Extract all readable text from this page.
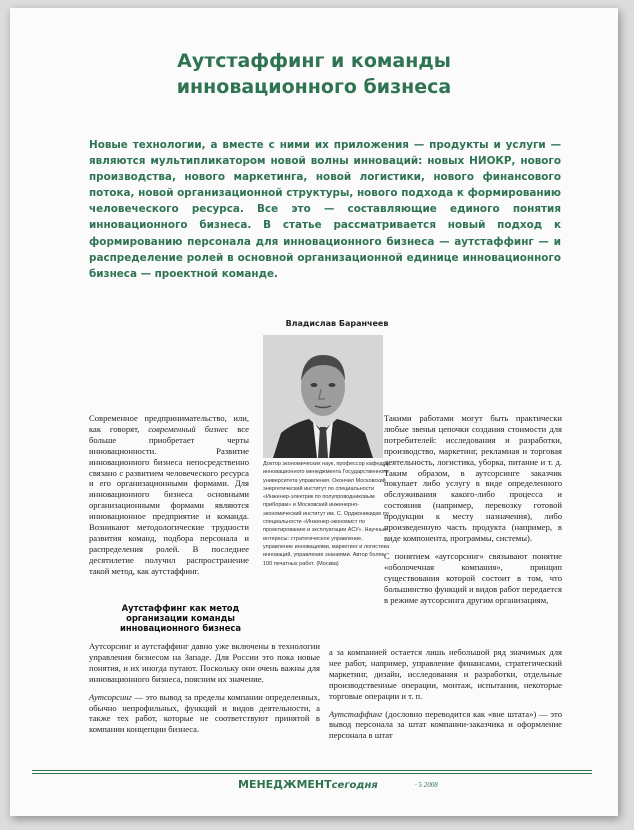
Аутстаффинг и команды
инновационного бизнеса

Новые технологии, а вместе с ними их приложения — продукты и услуги — являются мультипликатором новой волны инноваций: новых НИОКР, нового производства, нового маркетинга, новой логистики, нового финансового потока, новой организационной структуры, нового подхода к формированию человеческого ресурса. Все это — составляющие единого понятия инновационного бизнеса. В статье рассматривается новый подход к формированию персонала для инновационного бизнеса — аутстаффинг — и распределение ролей в основной организационной единице инновационного бизнеса — проектной команде.

Владислав Баранчеев

Доктор экономических наук, профессор кафедры инновационного менеджмента Государственного университета управления. Окончил Московский энергетический институт по специальности «Инженер-электрик по полупроводниковым приборам» и Московский инженерно-экономический институт им. С. Орджоникидзе по специальности «Инженер-экономист по проектированию и эксплуатации АСУ». Научные интересы: стратегическое управление, управление инновациями, маркетинг и логистика инноваций, управление знаниями. Автор более 100 печатных работ. (Москва)

Современное предпринимательство, или, как говорят, современный бизнес все больше приобретает черты инновационности. Развитие инновационного бизнеса непосредственно связано с развитием человеческого ресурса и его организационными формами. Для инновационного бизнеса основными организационными формами являются инновационное предприятие и команда. Возникают методологические трудности развития команд, подбора персонала и распределения ролей. В последнее десятилетие получил распространение такой метод, как аутстаффинг.

Аутстаффинг как метод организации команды инновационного бизнеса

Аутсорсинг и аутстаффинг давно уже включены в технологии управления бизнесом на Западе. Для России это пока новые понятия, и их иногда путают. Поскольку они очень важны для инновационного бизнеса, поясним их значение.

Аутсорсинг — это вывод за пределы компании определенных, обычно непрофильных, функций и видов деятельности, а также тех работ, которые не соответствуют принятой в компании концепции бизнеса.

Такими работами могут быть практически любые звенья цепочки создания стоимости для потребителей: исследования и разработки, производство, маркетинг, рекламная и торговая деятельность, логистика, уборка, питание и т. д. Таким образом, в аутсорсинге заказчик покупает либо услугу в виде определенного обслуживания какого-либо процесса и состояния (например, перевозку готовой продукции к месту назначения), либо произведенную часть продукта (например, в виде компонента, программы, системы).

С понятием «аутсорсинг» связывают понятие «оболочечная компания», принцип существования которой состоит в том, что большинство функций и видов работ передается в режиме аутсорсинга другим организациям,

а за компанией остается лишь небольшой ряд значимых для нее работ, например, управление финансами, стратегический маркетинг, дизайн, исследования и разработки, отдельные производственные операции, монтаж, испытания, некоторые торговые операции и т. п.

Аутстаффинг (дословно переводится как «вне штата») — это вывод персонала за штат компании-заказчика и оформление персонала в штат

МЕНЕДЖМЕНТсегодня	· 5 2008
